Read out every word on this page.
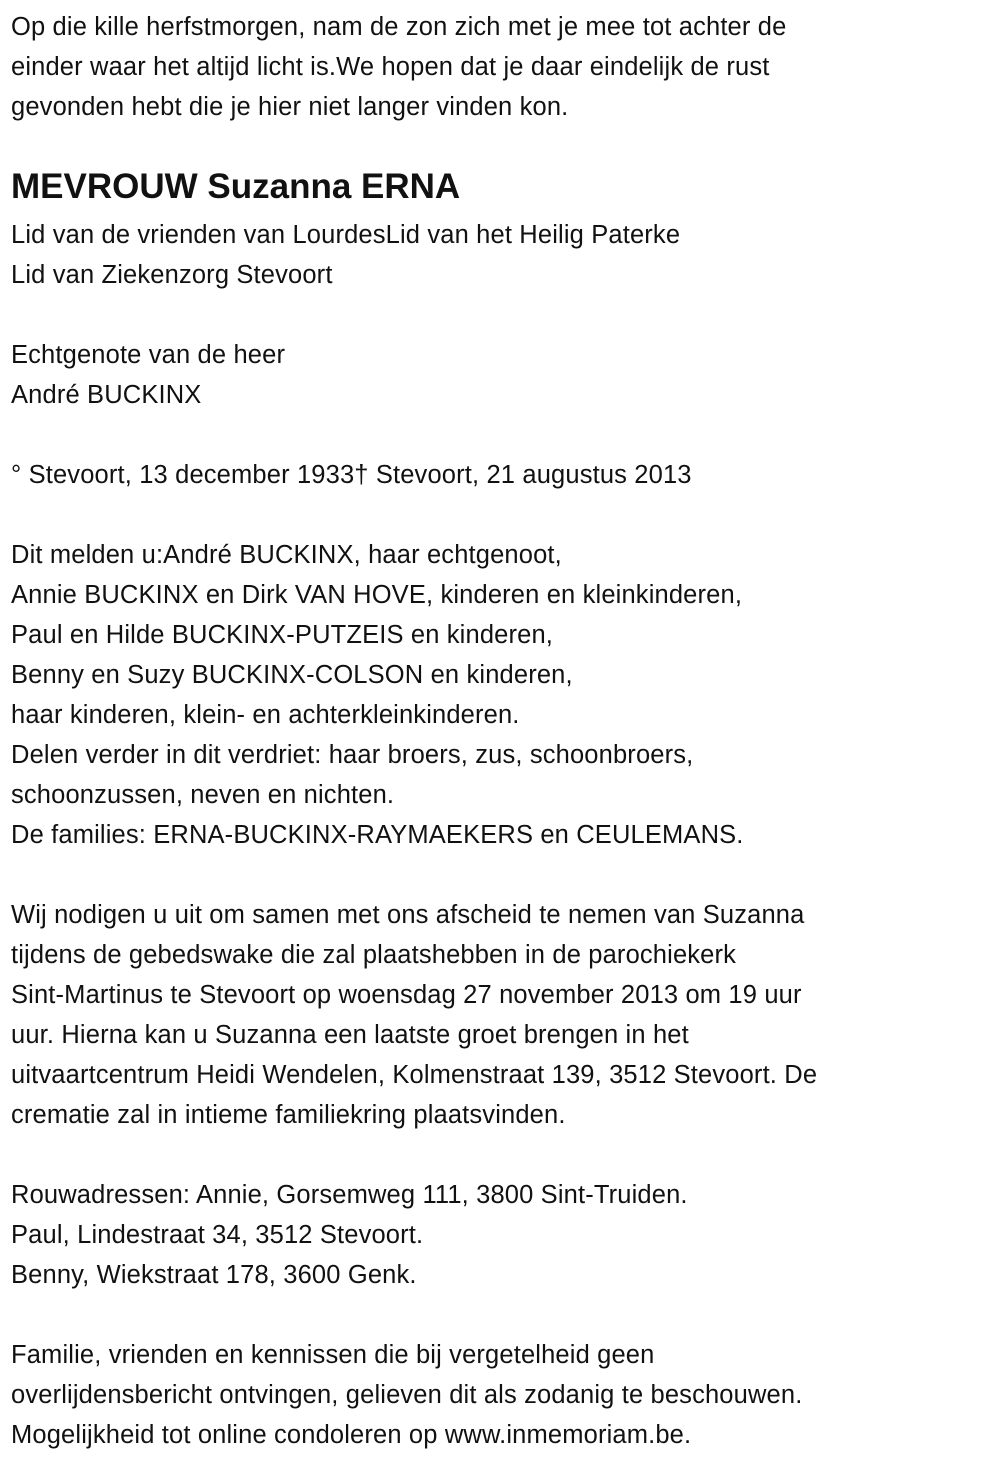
Op die kille herfstmorgen, nam de zon zich met je mee tot achter de
einder waar het altijd licht is.We hopen dat je daar eindelijk de rust
gevonden hebt die je hier niet langer vinden kon.
MEVROUW Suzanna ERNA
Lid van de vrienden van LourdesLid van het Heilig Paterke
Lid van Ziekenzorg Stevoort
Echtgenote van de heer
André BUCKINX
° Stevoort, 13 december 1933† Stevoort, 21 augustus 2013
Dit melden u:André BUCKINX, haar echtgenoot,
Annie BUCKINX en Dirk VAN HOVE, kinderen en kleinkinderen,
Paul en Hilde BUCKINX-PUTZEIS en kinderen,
Benny en Suzy BUCKINX-COLSON en kinderen,
haar kinderen, klein- en achterkleinkinderen.
Delen verder in dit verdriet: haar broers, zus, schoonbroers,
schoonzussen, neven en nichten.
De families: ERNA-BUCKINX-RAYMAEKERS en CEULEMANS.
Wij nodigen u uit om samen met ons afscheid te nemen van Suzanna
tijdens de gebedswake die zal plaatshebben in de parochiekerk
Sint-Martinus te Stevoort op woensdag 27 november 2013 om 19 uur
uur. Hierna kan u Suzanna een laatste groet brengen in het
uitvaartcentrum Heidi Wendelen, Kolmenstraat 139, 3512 Stevoort. De
crematie zal in intieme familiekring plaatsvinden.
Rouwadressen: Annie, Gorsemweg 111, 3800 Sint-Truiden.
Paul, Lindestraat 34, 3512 Stevoort.
Benny, Wiekstraat 178, 3600 Genk.
Familie, vrienden en kennissen die bij vergetelheid geen
overlijdensbericht ontvingen, gelieven dit als zodanig te beschouwen.
Mogelijkheid tot online condoleren op www.inmemoriam.be.
